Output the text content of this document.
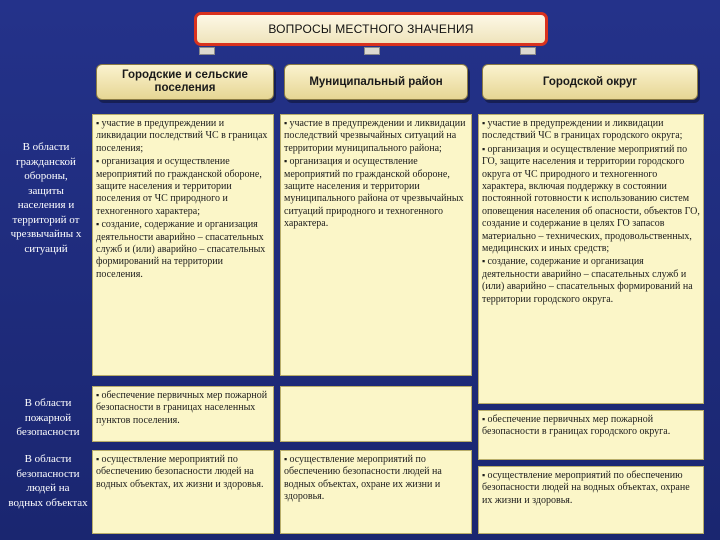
ВОПРОСЫ МЕСТНОГО ЗНАЧЕНИЯ
Городские и сельские поселения
Муниципальный район	Городской округ
В области гражданской обороны, защиты населения и территорий от чрезвычайны х ситуаций

▪ участие в предупреждении и ликвидации последствий ЧС в границах поселения;

▪ организация и осуществление мероприятий по гражданской обороне, защите населения и территории поселения от ЧС природного и техногенного характера;

▪ создание, содержание и организация деятельности аварийно – спасательных служб и (или) аварийно – спасательных формирований на территории поселения.

▪ участие в предупреждении и ликвидации последствий чрезвычайных ситуаций на территории муниципального района;

▪ организация и осуществление мероприятий по гражданской обороне, защите населения и территории муниципального района от чрезвычайных ситуаций природного и техногенного характера.

▪ участие в предупреждении и ликвидации последствий ЧС в границах городского округа;

▪ организация и осуществление мероприятий по ГО, защите населения и территории городского округа от ЧС природного и техногенного характера, включая поддержку в состоянии постоянной готовности к использованию систем оповещения населения об опасности, объектов ГО, создание и содержание в целях ГО запасов материально – технических, продовольственных, медицинских и иных средств;

▪ создание, содержание и организация деятельности аварийно – спасательных служб и (или) аварийно – спасательных формирований на территории городского округа.

В области пожарной безопасности

▪ обеспечение первичных мер пожарной безопасности в границах населенных пунктов поселения.

▪	обеспечение первичных мер пожарной безопасности в границах городского округа.

В области безопасности людей на водных объектах

▪ осуществление мероприятий по обеспечению безопасности людей на водных объектах, их жизни и здоровья.

▪ осуществление мероприятий по обеспечению безопасности людей на водных объектах, охране их жизни и здоровья.

▪ осуществление мероприятий по обеспечению безопасности людей на водных объектах, охране их жизни и здоровья.
